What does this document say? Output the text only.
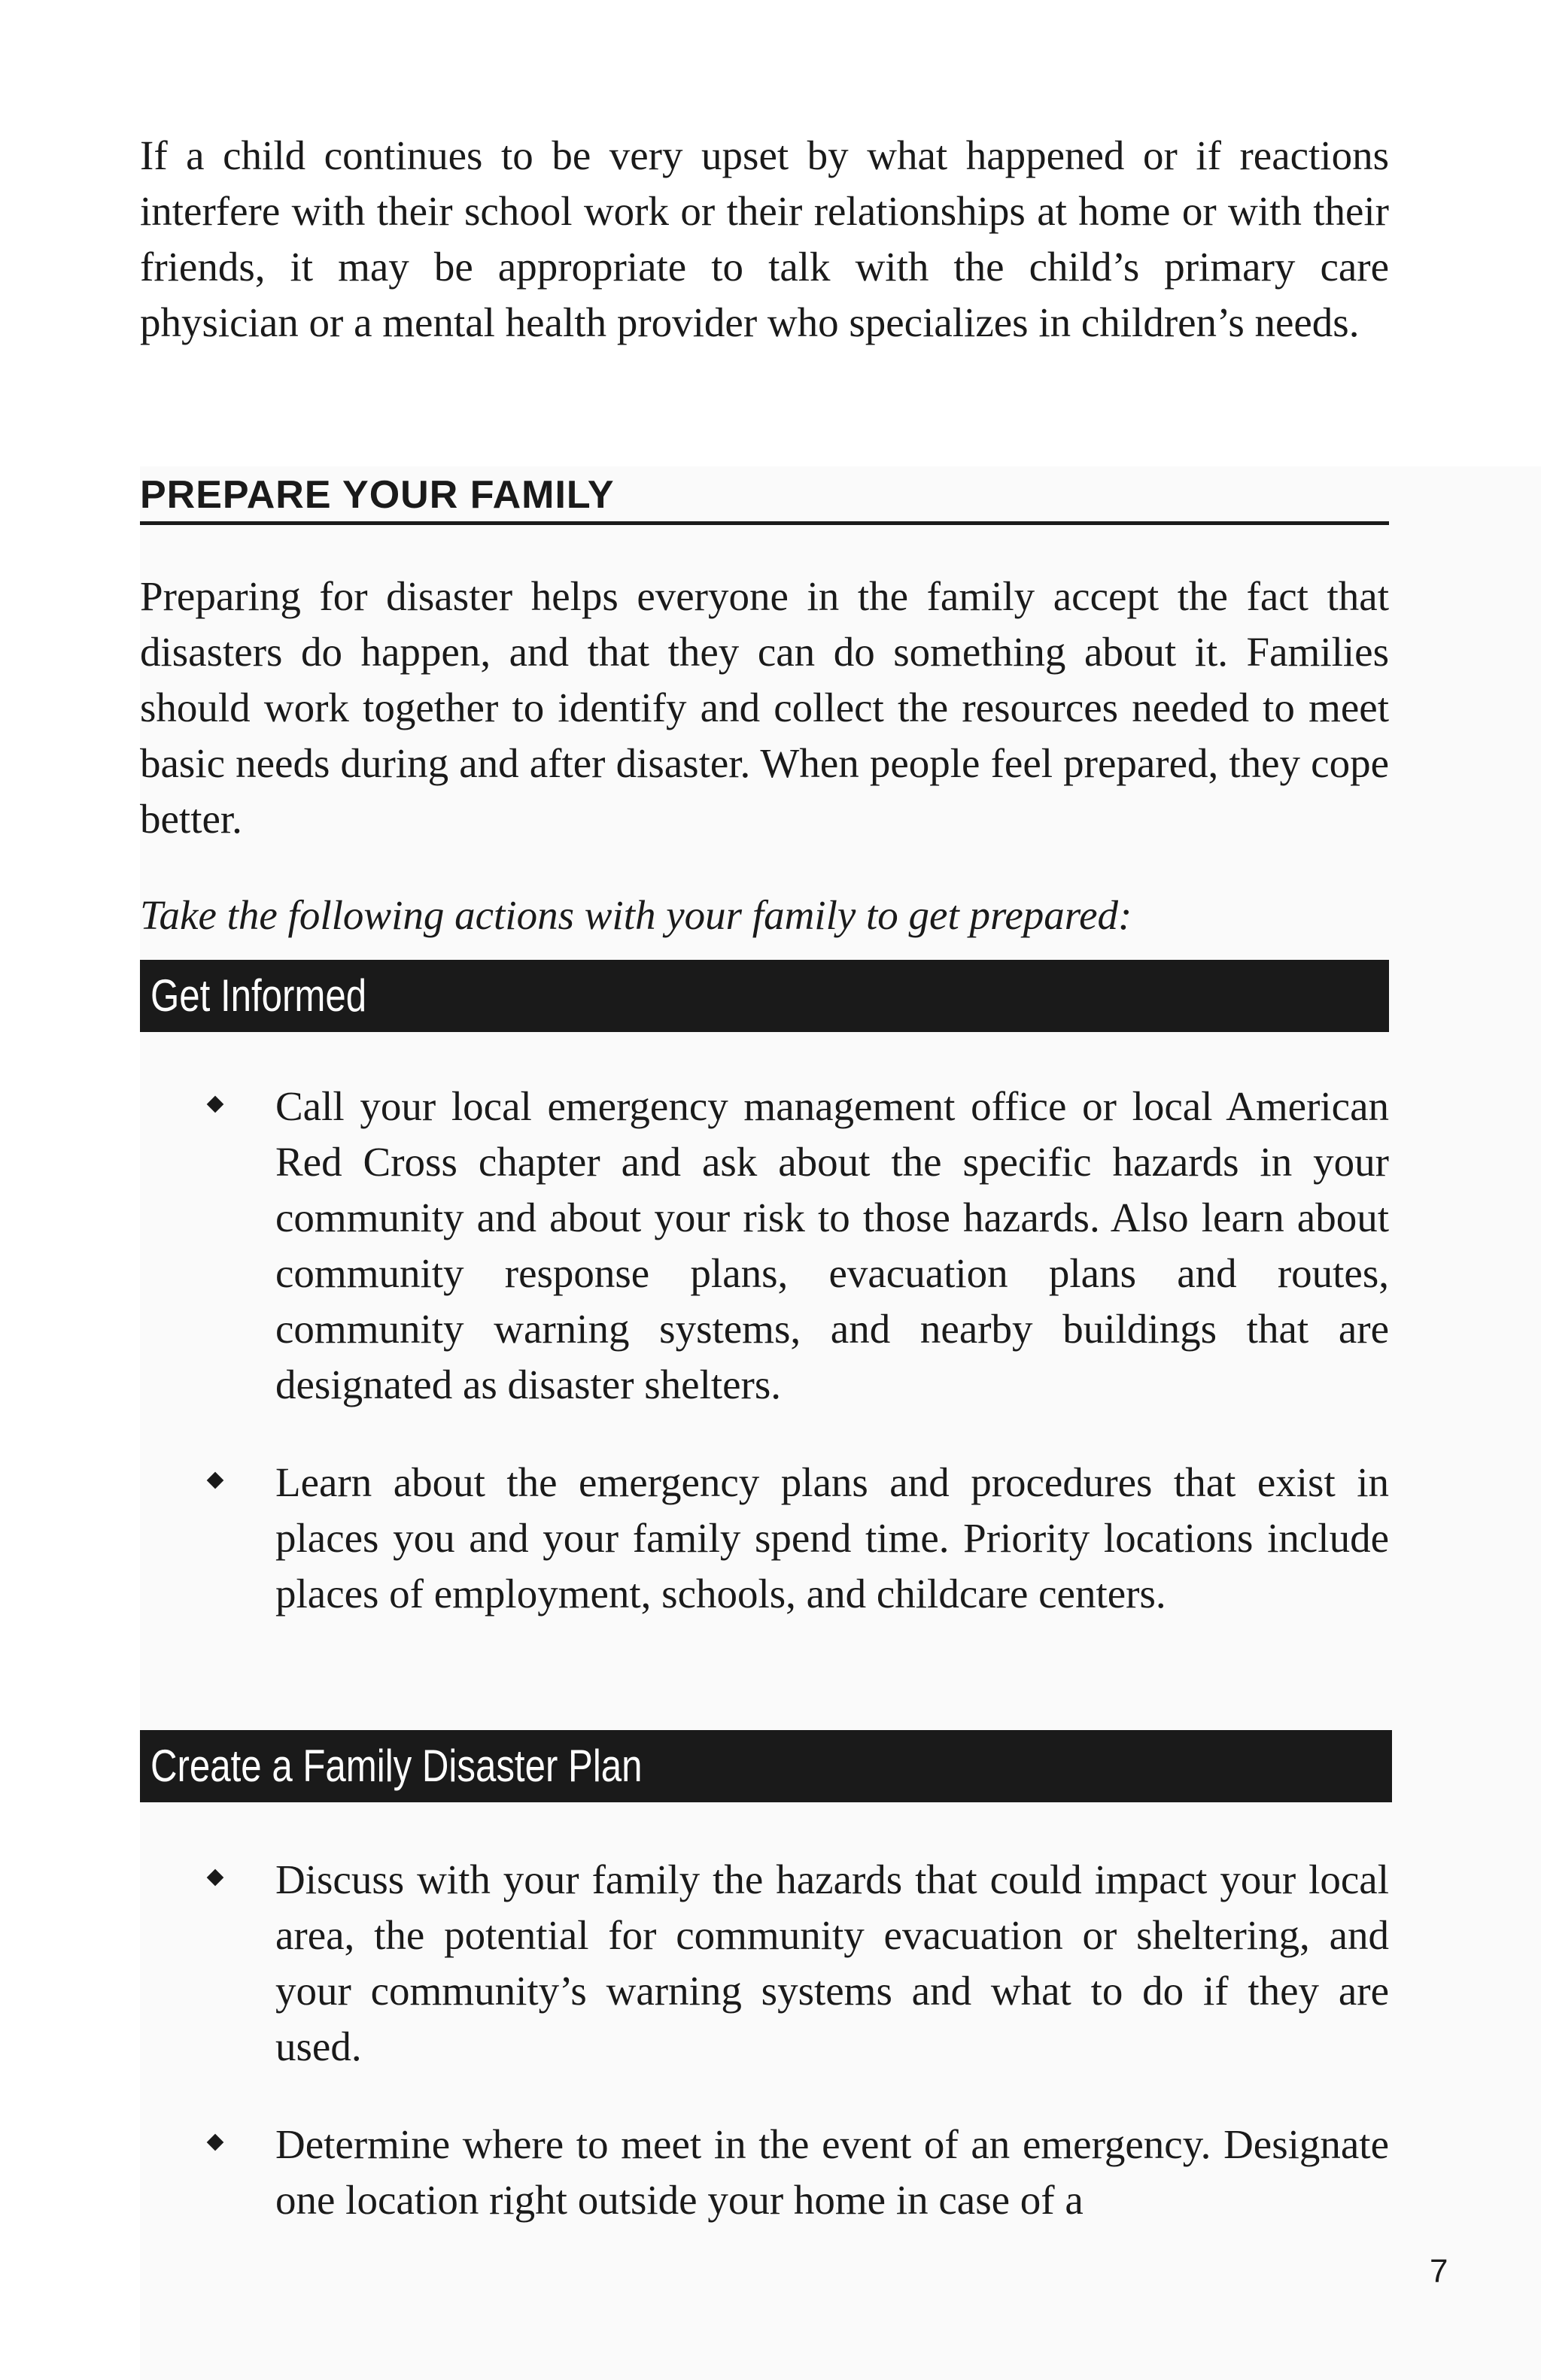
If a child continues to be very upset by what happened or if reactions interfere with their school work or their relationships at home or with their friends, it may be appropriate to talk with the child’s primary care physician or a mental health provider who specializes in children’s needs.

PREPARE YOUR FAMILY

Preparing for disaster helps everyone in the family accept the fact that disasters do happen, and that they can do something about it. Families should work together to identify and collect the resources needed to meet basic needs during and after disaster. When people feel prepared, they cope better.

Take the following actions with your family to get prepared:

Get Informed
Call your local emergency management office or local American Red Cross chapter and ask about the specific hazards in your community and about your risk to those hazards. Also learn about community response plans, evacuation plans and routes, community warning systems, and nearby buildings that are designated as disaster shelters.
Learn about the emergency plans and procedures that exist in places you and your family spend time. Priority locations include places of employment, schools, and childcare centers.
Create a Family Disaster Plan
Discuss with your family the hazards that could impact your local area, the potential for community evacuation or sheltering, and your community’s warning systems and what to do if they are used.
Determine where to meet in the event of an emergency. Designate one location right outside your home in case of a
7
